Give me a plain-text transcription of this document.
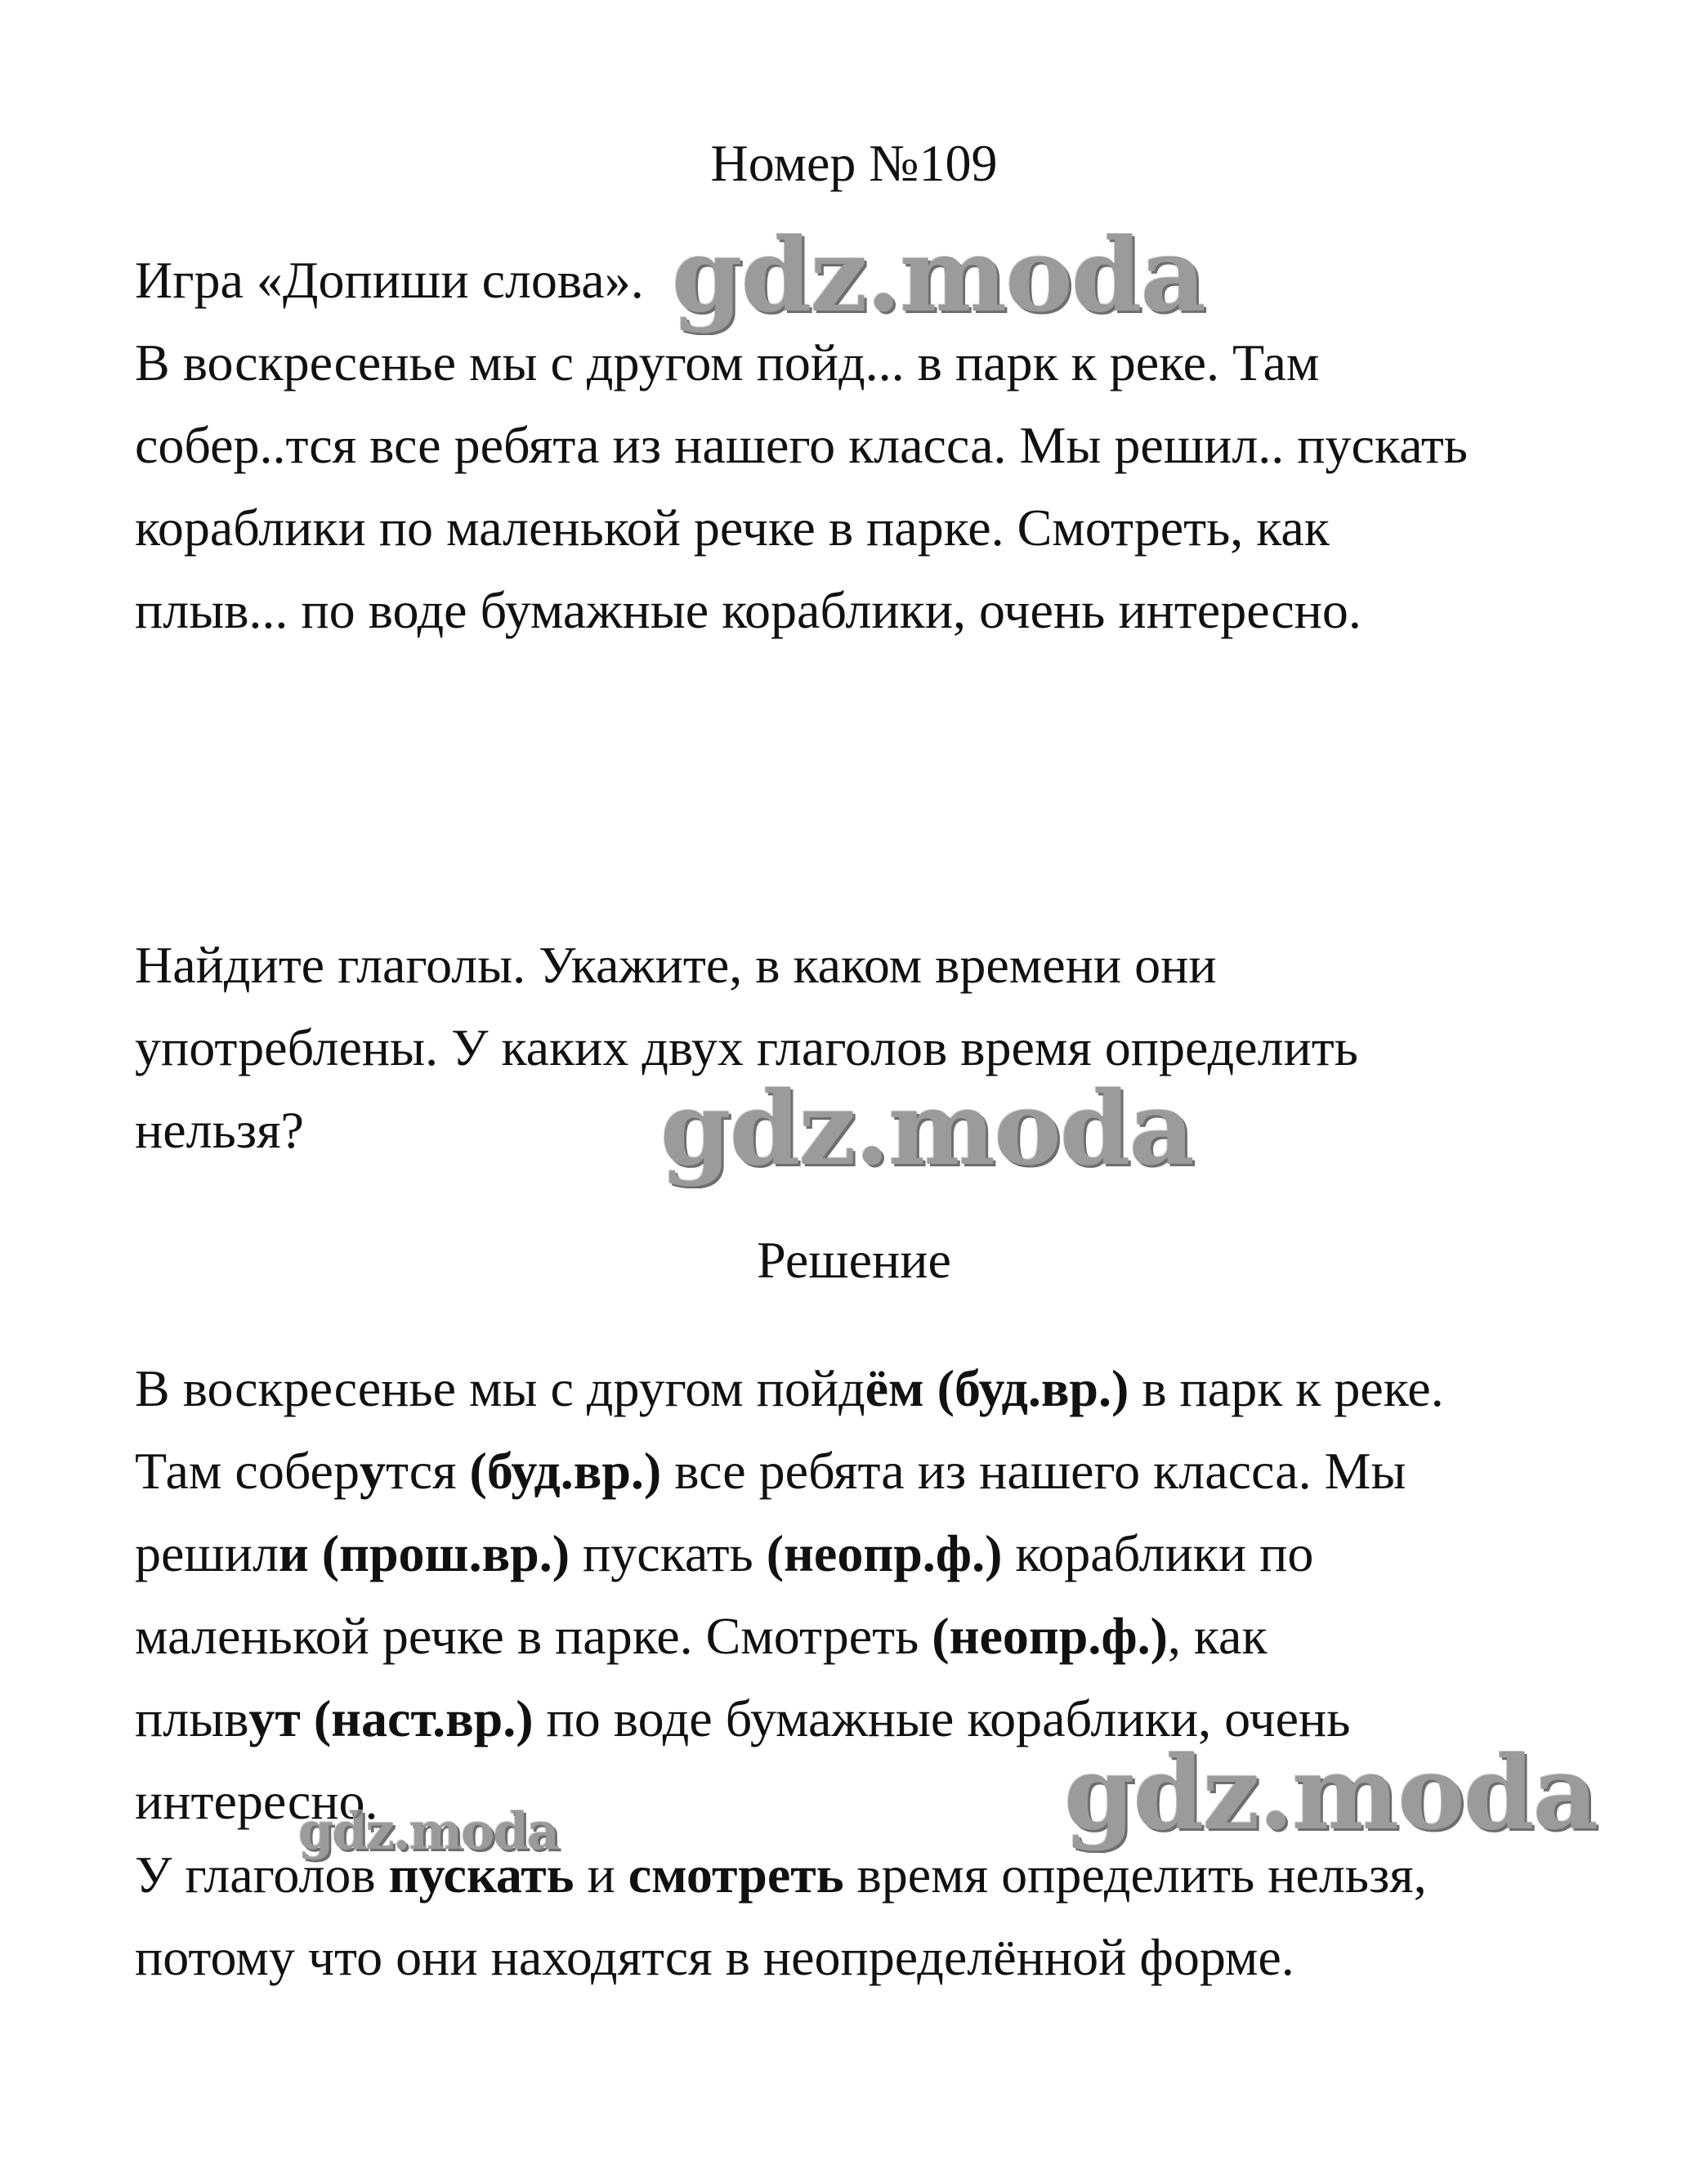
Номер №109

Игра «Допиши слова».

В воскресенье мы с другом пойд... в парк к реке. Там

собер..тся все ребята из нашего класса. Мы решил.. пускать

кораблики по маленькой речке в парке. Смотреть, как

плыв... по воде бумажные кораблики, очень интересно.

Найдите глаголы. Укажите, в каком времени они

употреблены. У каких двух глаголов время определить

нельзя?

Решение

В воскресенье мы с другом пойдём (буд.вр.) в парк к реке.

Там соберутся (буд.вр.) все ребята из нашего класса. Мы

решили (прош.вр.) пускать (неопр.ф.) кораблики по

маленькой речке в парке. Смотреть (неопр.ф.), как

плывут (наст.вр.) по воде бумажные кораблики, очень

интересно.

У глаголов пускать и смотреть время определить нельзя,

потому что они находятся в неопределённой форме.

gdz.moda
gdz.moda
gdz.moda
gdz.moda
